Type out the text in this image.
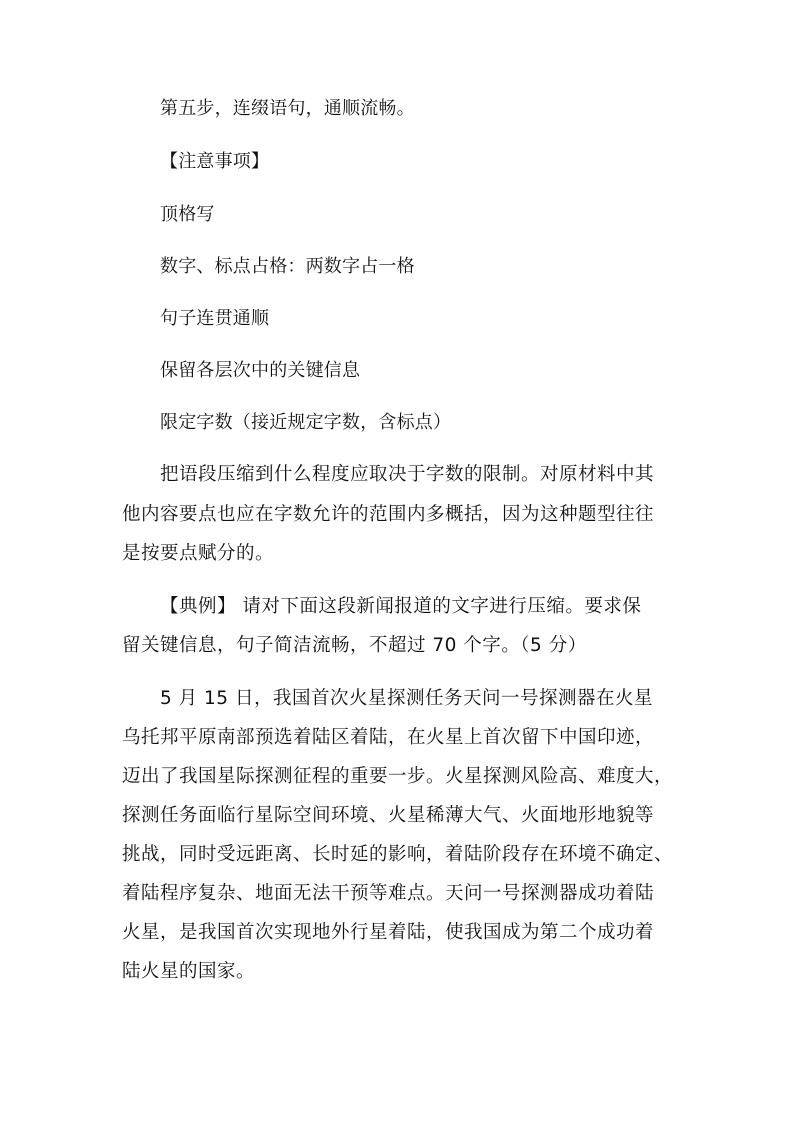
第五步，连缀语句，通顺流畅。
【注意事项】
顶格写
数字、标点占格：两数字占一格
句子连贯通顺
保留各层次中的关键信息
限定字数（接近规定字数，含标点）
把语段压缩到什么程度应取决于字数的限制。对原材料中其
他内容要点也应在字数允许的范围内多概括，因为这种题型往往
是按要点赋分的。
【典例】 请对下面这段新闻报道的文字进行压缩。要求保
留关键信息，句子简洁流畅，不超过 70 个字。（5 分）
5 月 15 日，我国首次火星探测任务天问一号探测器在火星
乌托邦平原南部预选着陆区着陆，在火星上首次留下中国印迹，
迈出了我国星际探测征程的重要一步。火星探测风险高、难度大，
探测任务面临行星际空间环境、火星稀薄大气、火面地形地貌等
挑战，同时受远距离、长时延的影响，着陆阶段存在环境不确定、
着陆程序复杂、地面无法干预等难点。天问一号探测器成功着陆
火星，是我国首次实现地外行星着陆，使我国成为第二个成功着
陆火星的国家。
